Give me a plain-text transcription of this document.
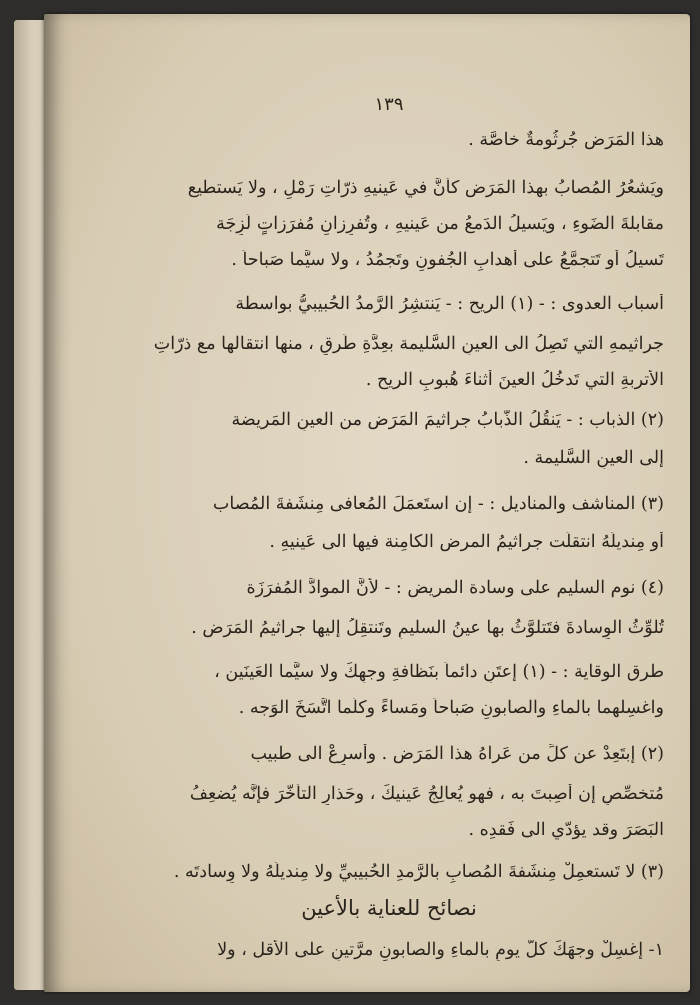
١٣٩
هذا المَرَض جُرثُومةٌ خاصَّة .
ويَشعُرُ المُصابُ بهذا المَرَض كأنَّ في عَينيهِ ذرّاتِ رَمْلٍ ، ولا يَستطيع
مقابلةَ الضَوءِ ، ويَسيلُ الدَمعُ من عَينيهِ ، وتُفرِزانِ مُفرَزاتٍ لَزِجَة
تَسيلُ أو تَتجمَّعُ على أهدابِ الجُفونِ وتَجمُدُ ، ولا سيَّما صَباحاً .
أسباب العدوى : - (١) الريح : - يَنتشِرُ الرَّمدُ الحُبيبيُّ بواسطة
جراثيمهِ التي تَصِلُ الى العينِ السَّليمة بعِدَّةِ طُرقٍ ، منها انتقالها مع ذرّاتِ
الأتربةِ التي تَدخُلُ العينَ أثناءَ هُبوبِ الريح .
(٢) الذباب : - يَنقُلُ الذُّبابُ جراثيمَ المَرَضِ من العينِ المَريضة
إلى العينِ السَّليمة .
(٣) المناشف والمناديل : - إن استَعمَلَ المُعافى مِنشَفةَ المُصاب
أو مِنديلَهُ انتقلَت جراثيمُ المرضِ الكامِنة فيها الى عَينيهِ .
(٤) نوم السليم على وسادة المريض : - لأنَّ الموادَّ المُفرَزَة
تُلوِّثُ الوِسادةَ فتَتلوَّثُ بها عينُ السليمِ وتَنتقِلُ إليها جراثيمُ المَرَض .
طرق الوقاية : - (١) إعتَنِ دائماً بنَظافةِ وجهِكَ ولا سيَّما العَينَين ،
واغسِلهما بالماءِ والصابونِ صَباحاً ومَساءً وكلَّما اتَّسَخَ الوَجه .
(٢) إبتَعِدْ عن كلِّ من عَراهُ هذا المَرَض . وأسرِعْ الى طبيب
مُتخصِّصٍ إن أُصِبتَ به ، فهو يُعالِجُ عَينيكَ ، وحَذارِ التأخُّرَ فإنَّه يُضعِفُ
البَصَرَ وقد يؤدّي الى فَقدِه .
(٣) لا تَستعمِلْ مِنشَفةَ المُصابِ بالرَّمدِ الحُبيبيِّ ولا مِنديلَهُ ولا وِسادتَه .
نصائح للعناية بالأعين
١- إغسِلْ وجهَكَ كلَّ يومٍ بالماءِ والصابونِ مرَّتينِ على الأقل ، ولا
